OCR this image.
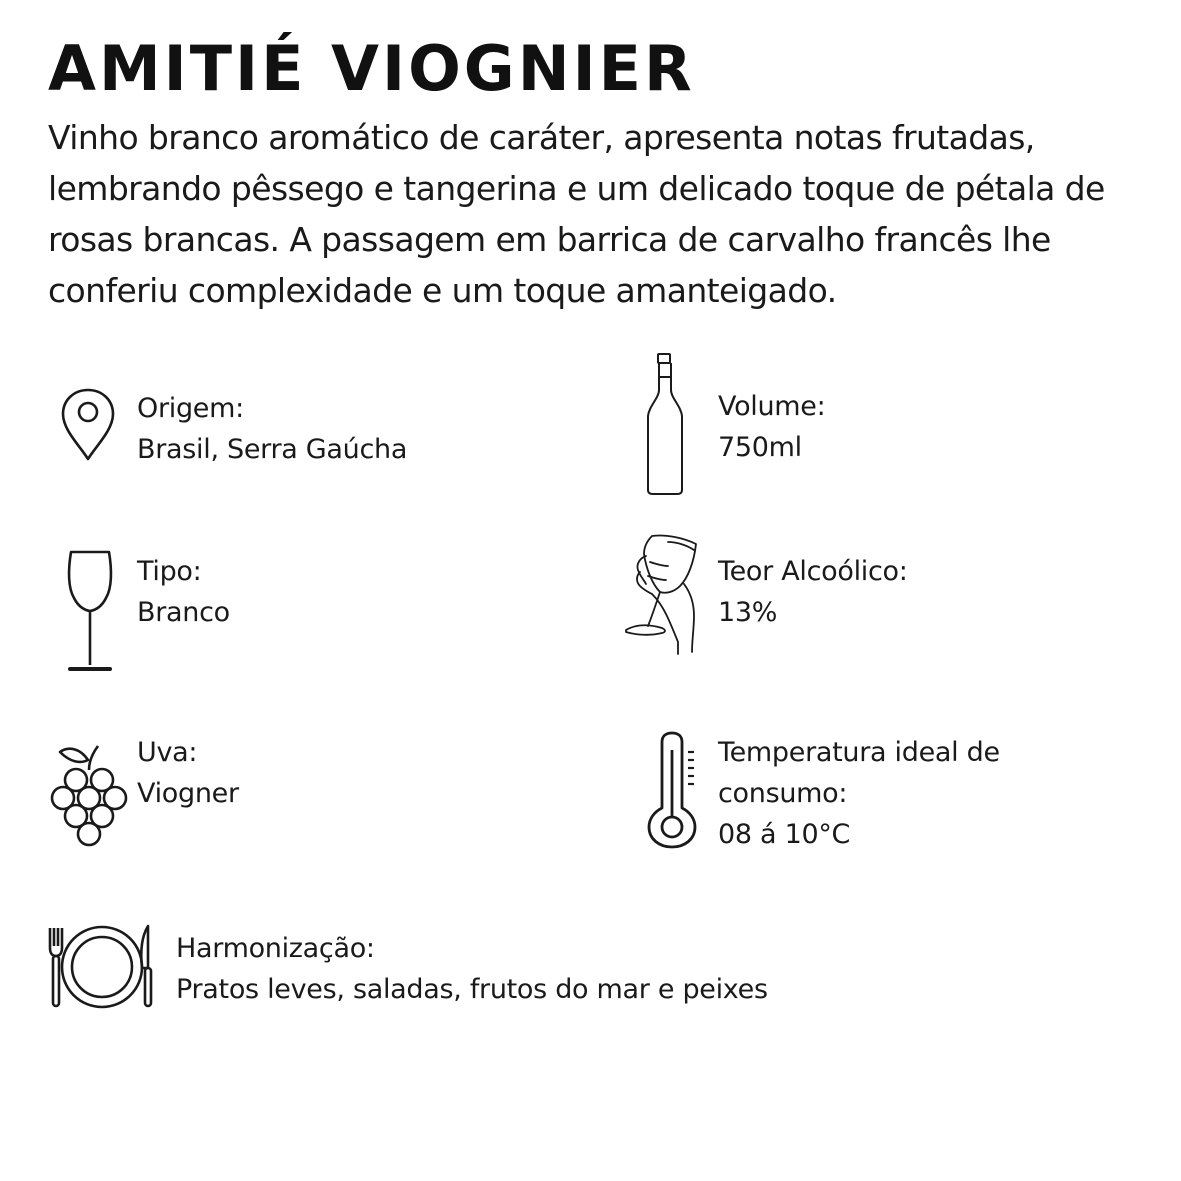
AMITIÉ VIOGNIER

Vinho branco aromático de caráter, apresenta notas frutadas, lembrando pêssego e tangerina e um delicado toque de pétala de rosas brancas. A passagem em barrica de carvalho francês lhe conferiu complexidade e um toque amanteigado.

Origem:
Brasil, Serra Gaúcha
Volume:
750ml
Tipo:
Branco
Teor Alcoólico:
13%
Uva:
Viogner
Temperatura ideal de consumo:
08 á 10°C
Harmonização:
Pratos leves, saladas, frutos do mar e peixes
